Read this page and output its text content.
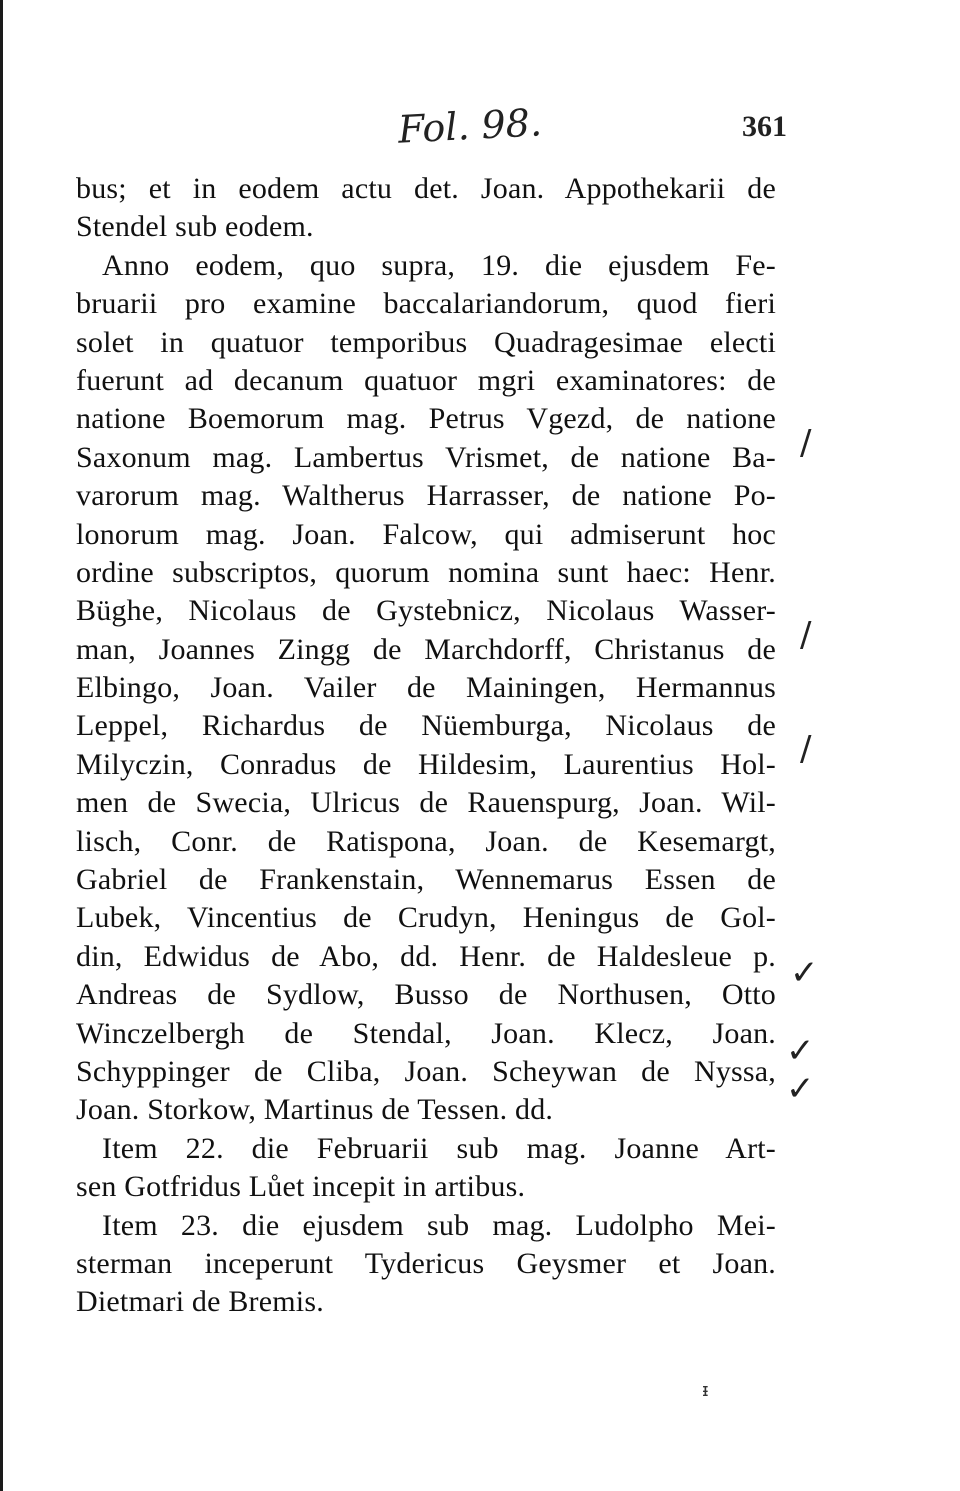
Fol. 98.	361
bus; et in eodem actu det. Joan. Appothekarii de
Stendel sub eodem.
Anno eodem, quo supra, 19. die ejusdem Fe-
bruarii pro examine baccalariandorum, quod fieri
solet in quatuor temporibus Quadragesimae electi
fuerunt ad decanum quatuor mgri examinatores: de
natione Boemorum mag. Petrus Vgezd, de natione
Saxonum mag. Lambertus Vrismet, de natione Ba-
varorum mag. Waltherus Harrasser, de natione Po-
lonorum mag. Joan. Falcow, qui admiserunt hoc
ordine subscriptos, quorum nomina sunt haec: Henr.
Büghe, Nicolaus de Gystebnicz, Nicolaus Wasser-
man, Joannes Zingg de Marchdorff, Christanus de
Elbingo, Joan. Vailer de Mainingen, Hermannus
Leppel, Richardus de Nüemburga, Nicolaus de
Milyczin, Conradus de Hildesim, Laurentius Hol-
men de Swecia, Ulricus de Rauenspurg, Joan. Wil-
lisch, Conr. de Ratispona, Joan. de Kesemargt,
Gabriel de Frankenstain, Wennemarus Essen de
Lubek, Vincentius de Crudyn, Heningus de Gol-
din, Edwidus de Abo, dd. Henr. de Haldesleue p.
Andreas de Sydlow, Busso de Northusen, Otto
Winczelbergh de Stendal, Joan. Klecz, Joan.
Schyppinger de Cliba, Joan. Scheywan de Nyssa,
Joan. Storkow, Martinus de Tessen. dd.
Item 22. die Februarii sub mag. Joanne Art-
sen Gotfridus Lůet incepit in artibus.
Item 23. die ejusdem sub mag. Ludolpho Mei-
sterman inceperunt Tydericus Geysmer et Joan.
Dietmari de Bremis.
/
/
/
✓
✓
✓
ᵻ
